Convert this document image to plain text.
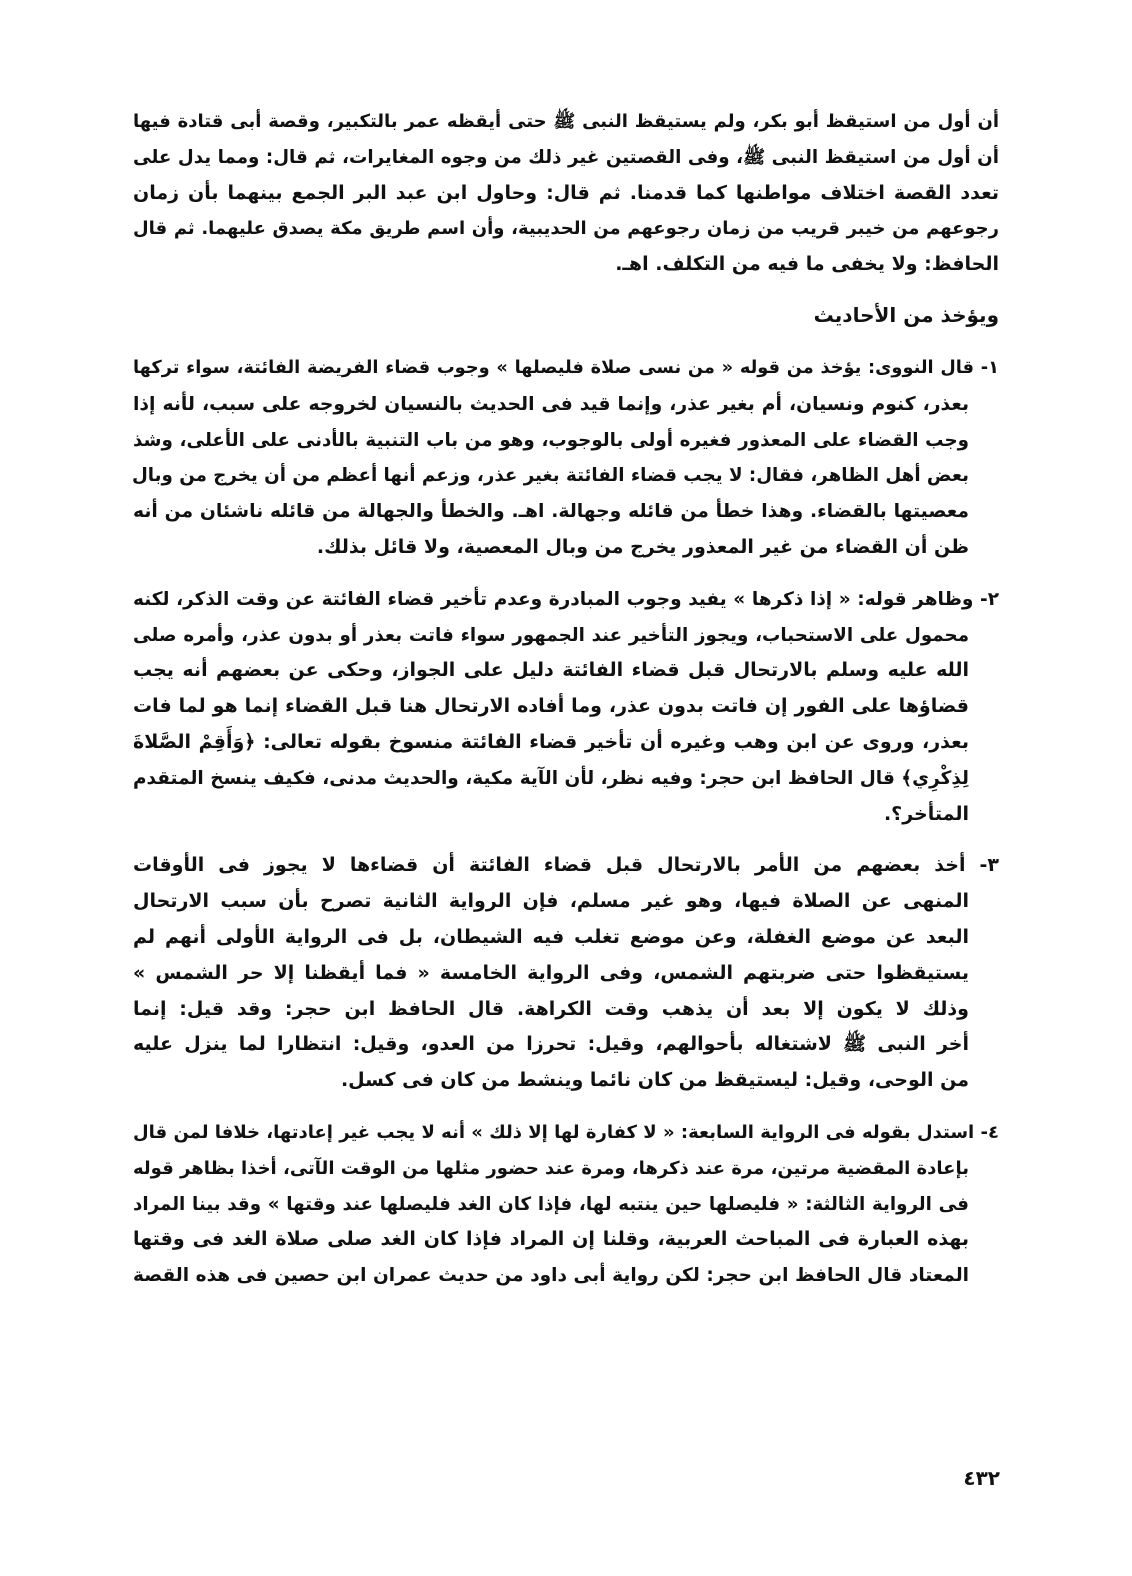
أن أول من استيقظ أبو بكر، ولم يستيقظ النبى ﷺ حتى أيقظه عمر بالتكبير، وقصة أبى قتادة فيها
أن أول من استيقظ النبى ﷺ، وفى القصتين غير ذلك من وجوه المغايرات، ثم قال: ومما يدل على
تعدد القصة اختلاف مواطنها كما قدمنا. ثم قال: وحاول ابن عبد البر الجمع بينهما بأن زمان
رجوعهم من خيبر قريب من زمان رجوعهم من الحديبية، وأن اسم طريق مكة يصدق عليهما. ثم قال
الحافظ: ولا يخفى ما فيه من التكلف. اهـ.
ويؤخذ من الأحاديث
١- قال النووى: يؤخذ من قوله « من نسى صلاة فليصلها » وجوب قضاء الفريضة الفائتة، سواء تركها
بعذر، كنوم ونسيان، أم بغير عذر، وإنما قيد فى الحديث بالنسيان لخروجه على سبب، لأنه إذا
وجب القضاء على المعذور فغيره أولى بالوجوب، وهو من باب التنبية بالأدنى على الأعلى، وشذ
بعض أهل الظاهر، فقال: لا يجب قضاء الفائتة بغير عذر، وزعم أنها أعظم من أن يخرج من وبال
معصيتها بالقضاء. وهذا خطأ من قائله وجهالة. اهـ. والخطأ والجهالة من قائله ناشئان من أنه
ظن أن القضاء من غير المعذور يخرج من وبال المعصية، ولا قائل بذلك.
٢- وظاهر قوله: « إذا ذكرها » يفيد وجوب المبادرة وعدم تأخير قضاء الفائتة عن وقت الذكر، لكنه
محمول على الاستحباب، ويجوز التأخير عند الجمهور سواء فاتت بعذر أو بدون عذر، وأمره صلى
الله عليه وسلم بالارتحال قبل قضاء الفائتة دليل على الجواز، وحكى عن بعضهم أنه يجب
قضاؤها على الفور إن فاتت بدون عذر، وما أفاده الارتحال هنا قبل القضاء إنما هو لما فات
بعذر، وروى عن ابن وهب وغيره أن تأخير قضاء الفائتة منسوخ بقوله تعالى: ﴿وَأَقِمْ الصَّلاةَ
لِذِكْرِي﴾ قال الحافظ ابن حجر: وفيه نظر، لأن الآية مكية، والحديث مدنى، فكيف ينسخ المتقدم
المتأخر؟.
٣- أخذ بعضهم من الأمر بالارتحال قبل قضاء الفائتة أن قضاءها لا يجوز فى الأوقات
المنهى عن الصلاة فيها، وهو غير مسلم، فإن الرواية الثانية تصرح بأن سبب الارتحال
البعد عن موضع الغفلة، وعن موضع تغلب فيه الشيطان، بل فى الرواية الأولى أنهم لم
يستيقظوا حتى ضربتهم الشمس، وفى الرواية الخامسة « فما أيقظنا إلا حر الشمس »
وذلك لا يكون إلا بعد أن يذهب وقت الكراهة. قال الحافظ ابن حجر: وقد قيل: إنما
أخر النبى ﷺ لاشتغاله بأحوالهم، وقيل: تحرزا من العدو، وقيل: انتظارا لما ينزل عليه
من الوحى، وقيل: ليستيقظ من كان نائما وينشط من كان فى كسل.
٤- استدل بقوله فى الرواية السابعة: « لا كفارة لها إلا ذلك » أنه لا يجب غير إعادتها، خلافا لمن قال
بإعادة المقضية مرتين، مرة عند ذكرها، ومرة عند حضور مثلها من الوقت الآتى، أخذا بظاهر قوله
فى الرواية الثالثة: « فليصلها حين ينتبه لها، فإذا كان الغد فليصلها عند وقتها » وقد بينا المراد
بهذه العبارة فى المباحث العربية، وقلنا إن المراد فإذا كان الغد صلى صلاة الغد فى وقتها
المعتاد قال الحافظ ابن حجر: لكن رواية أبى داود من حديث عمران ابن حصين فى هذه القصة
٤٣٢
